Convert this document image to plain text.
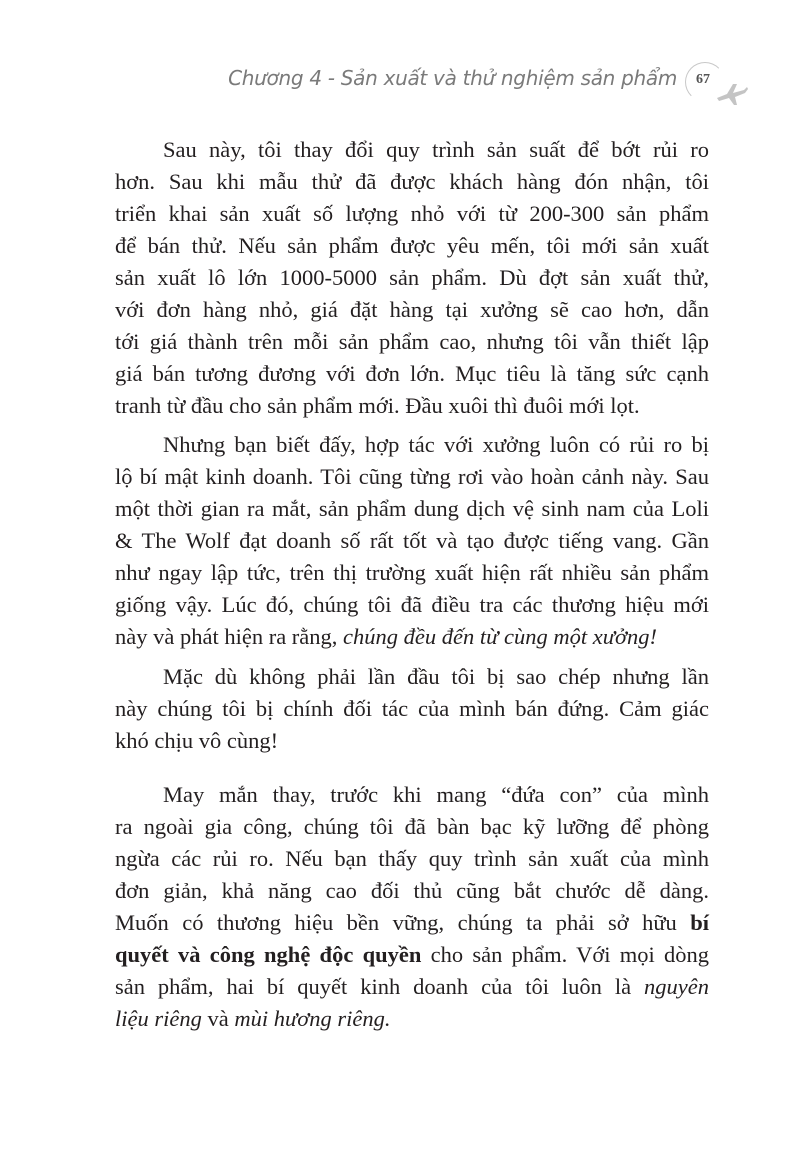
Chương 4 - Sản xuất và thử nghiệm sản phẩm 67
Sau này, tôi thay đổi quy trình sản suất để bớt rủi ro
hơn. Sau khi mẫu thử đã được khách hàng đón nhận, tôi
triển khai sản xuất số lượng nhỏ với từ 200-300 sản phẩm
để bán thử. Nếu sản phẩm được yêu mến, tôi mới sản xuất
sản xuất lô lớn 1000-5000 sản phẩm. Dù đợt sản xuất thử,
với đơn hàng nhỏ, giá đặt hàng tại xưởng sẽ cao hơn, dẫn
tới giá thành trên mỗi sản phẩm cao, nhưng tôi vẫn thiết lập
giá bán tương đương với đơn lớn. Mục tiêu là tăng sức cạnh
tranh từ đầu cho sản phẩm mới. Đầu xuôi thì đuôi mới lọt.
Nhưng bạn biết đấy, hợp tác với xưởng luôn có rủi ro bị
lộ bí mật kinh doanh. Tôi cũng từng rơi vào hoàn cảnh này. Sau
một thời gian ra mắt, sản phẩm dung dịch vệ sinh nam của Loli
& The Wolf đạt doanh số rất tốt và tạo được tiếng vang. Gần
như ngay lập tức, trên thị trường xuất hiện rất nhiều sản phẩm
giống vậy. Lúc đó, chúng tôi đã điều tra các thương hiệu mới
này và phát hiện ra rằng, chúng đều đến từ cùng một xưởng!
Mặc dù không phải lần đầu tôi bị sao chép nhưng lần
này chúng tôi bị chính đối tác của mình bán đứng. Cảm giác
khó chịu vô cùng!
May mắn thay, trước khi mang “đứa con” của mình
ra ngoài gia công, chúng tôi đã bàn bạc kỹ lưỡng để phòng
ngừa các rủi ro. Nếu bạn thấy quy trình sản xuất của mình
đơn giản, khả năng cao đối thủ cũng bắt chước dễ dàng.
Muốn có thương hiệu bền vững, chúng ta phải sở hữu bí
quyết và công nghệ độc quyền cho sản phẩm. Với mọi dòng
sản phẩm, hai bí quyết kinh doanh của tôi luôn là nguyên
liệu riêng và mùi hương riêng.
